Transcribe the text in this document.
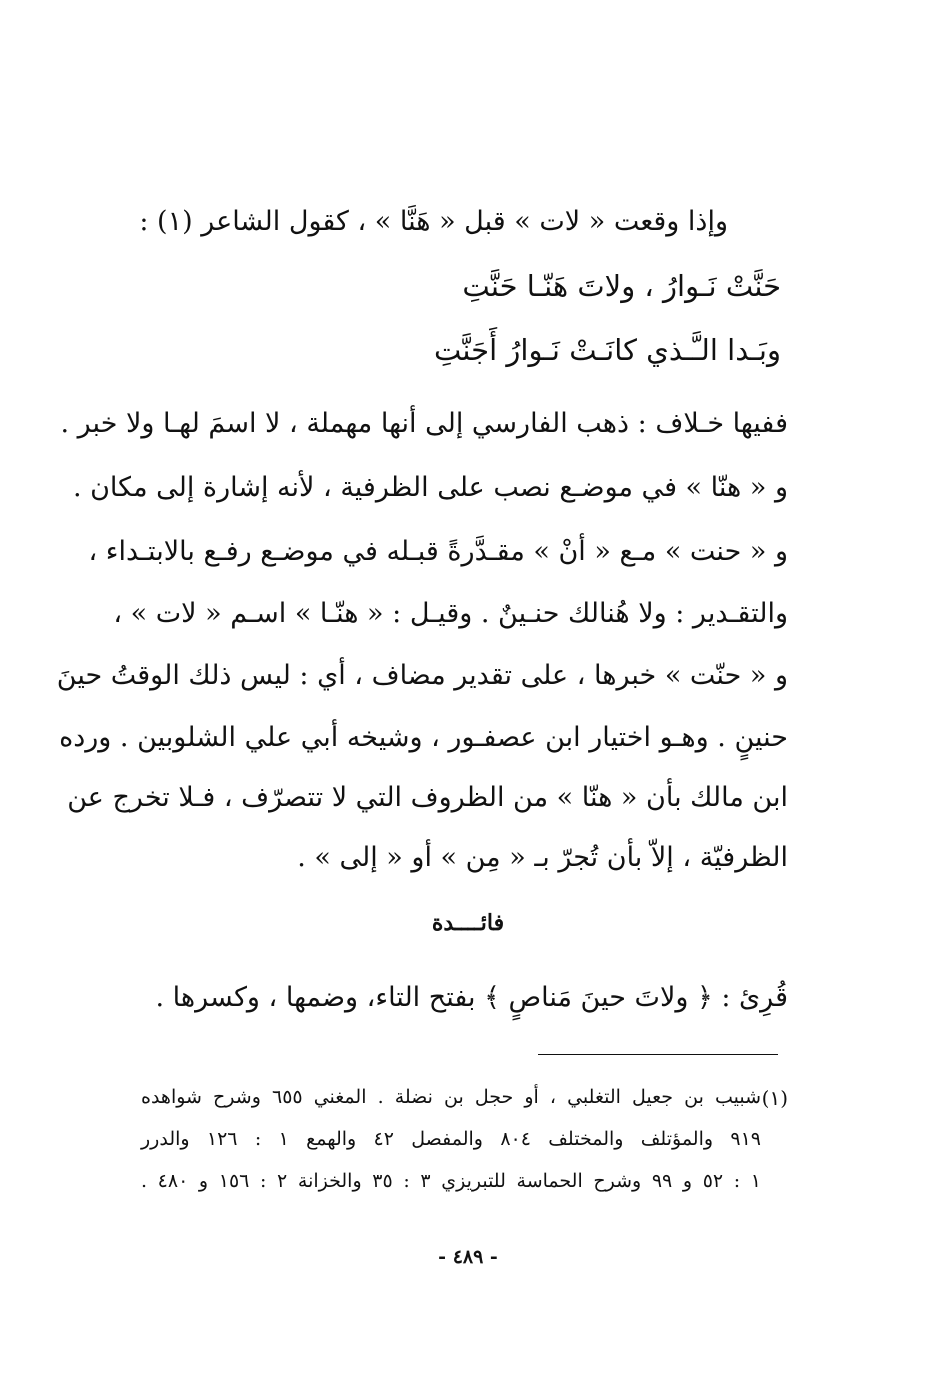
وإذا وقعت « لات » قبل « هَنَّا » ، كقول الشاعر (١) :
حَنَّتْ نَـوارُ ، ولاتَ هَنّـا حَنَّتِ
وبَـدا الـَّـذي كانَـتْ نَـوارُ أَجَنَّتِ
ففيها خـلاف : ذهب الفارسي إلى أنها مهملة ، لا اسمَ لهـا ولا خبر .
و « هنّا » في موضـع نصب على الظرفية ، لأنه إشارة إلى مكان .
و « حنت » مـع « أنْ » مقـدَّرةً قبـله في موضـع رفـع بالابتـداء ،
والتقـدير : ولا هُنالك حنـينٌ . وقيـل : « هنّـا » اسـم « لات » ،
و « حنّت » خبرها ، على تقدير مضاف ، أي : ليس ذلك الوقتُ حينَ
حنينٍ . وهـو اختيار ابن عصفـور ، وشيخه أبي علي الشلوبين . ورده
ابن مالك بأن « هنّا » من الظروف التي لا تتصرّف ، فـلا تخرج عن
الظرفيّة ، إلاّ بأن تُجرّ بـ « مِن » أو « إلى » .
فائــــدة
قُرِئ : ﴿ ولاتَ حينَ مَناصٍ ﴾ بفتح التاء، وضمها ، وكسرها .
(١)
شبيب بن جعيل التغلبي ، أو حجل بن نضلة . المغني ٦٥٥ وشرح شواهده
٩١٩ والمؤتلف والمختلف ٨٠٤ والمفصل ٤٢ والهمع ١ : ١٢٦ والدرر
١ : ٥٢ و ٩٩ وشرح الحماسة للتبريزي ٣ : ٣٥ والخزانة ٢ : ١٥٦ و ٤٨٠ .
- ٤٨٩ -
